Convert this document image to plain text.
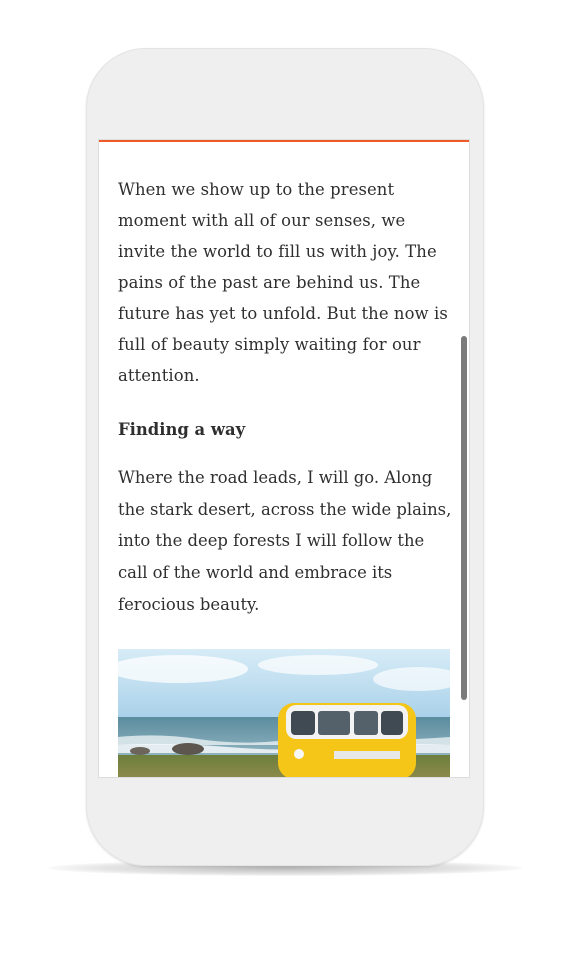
When we show up to the present moment with all of our senses, we invite the world to fill us with joy. The pains of the past are behind us. The future has yet to unfold. But the now is full of beauty simply waiting for our attention.

Finding a way

Where the road leads, I will go. Along the stark desert, across the wide plains, into the deep forests I will follow the call of the world and embrace its ferocious beauty.
